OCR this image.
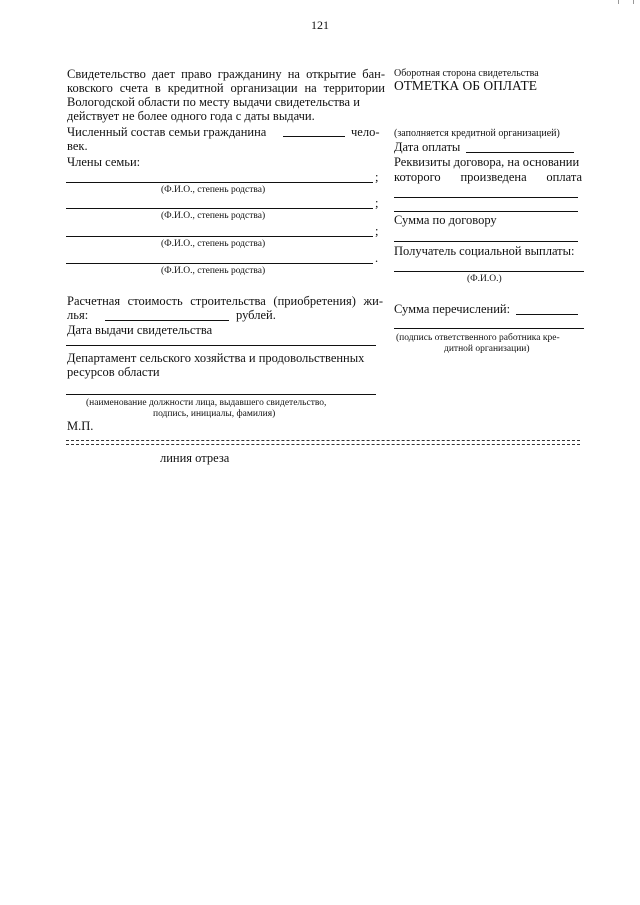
121
Свидетельство дает право гражданину на открытие бан-
ковского счета в кредитной организации на территории
Вологодской области по месту выдачи свидетельства и
действует не более одного года с даты выдачи.
Численный состав семьи гражданина	чело-
век.
Члены семьи:
;
(Ф.И.О., степень родства)
;
(Ф.И.О., степень родства)
;
(Ф.И.О., степень родства)
.
(Ф.И.О., степень родства)
Расчетная стоимость строительства (приобретения) жи-
лья:	рублей.
Дата выдачи свидетельства
Департамент сельского хозяйства и продовольственных
ресурсов области
(наименование должности лица, выдавшего свидетельство,
подпись, инициалы, фамилия)
М.П.
Оборотная сторона свидетельства
ОТМЕТКА ОБ ОПЛАТЕ
(заполняется кредитной организацией)
Дата оплаты
Реквизиты договора, на основании
которого произведена оплата
Сумма по договору
Получатель социальной выплаты:
(Ф.И.О.)
Сумма перечислений:
(подпись ответственного работника кре-
дитной организации)
линия отреза
